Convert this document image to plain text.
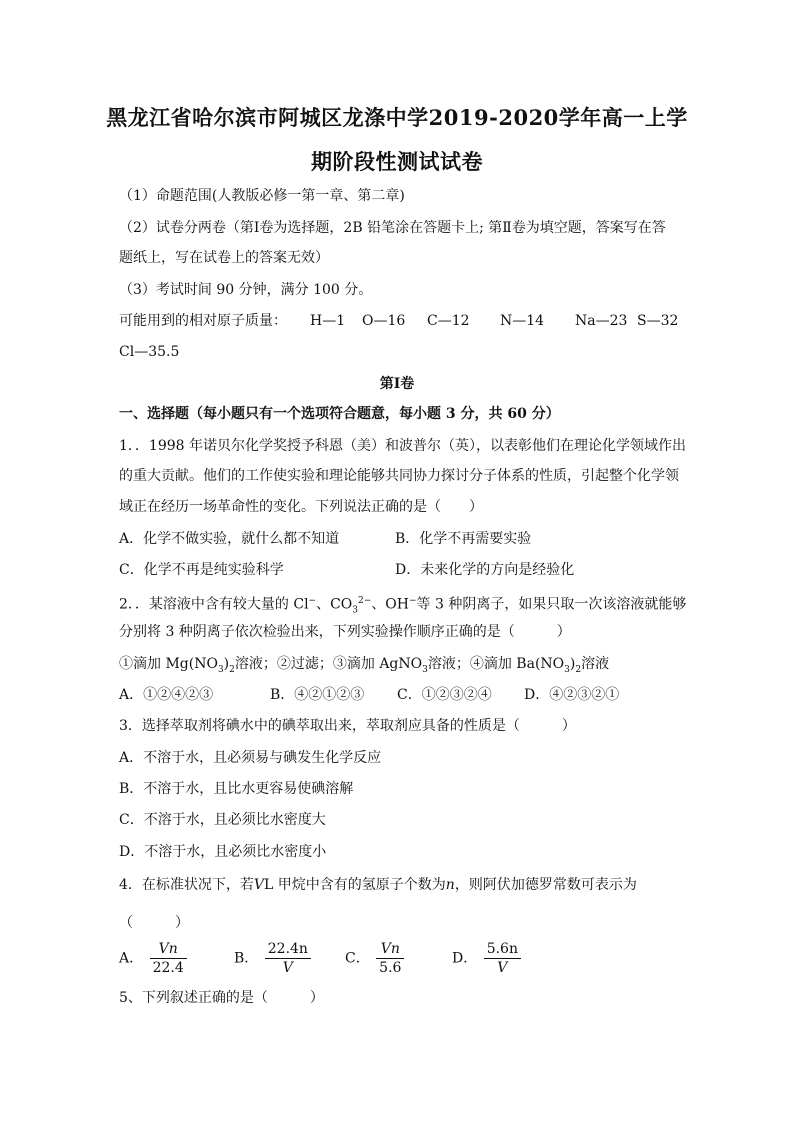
黑龙江省哈尔滨市阿城区龙涤中学2019-2020学年高一上学
期阶段性测试试卷
（1）命题范围(人教版必修一第一章、第二章)
（2）试卷分两卷（第Ⅰ卷为选择题，2B 铅笔涂在答题卡上; 第Ⅱ卷为填空题，答案写在答
题纸上，写在试卷上的答案无效）
（3）考试时间 90 分钟，满分 100 分。
可能用到的相对原子质量： H—1 O—16 C—12 N—14 Na—23 S—32
Cl—35.5
第Ⅰ卷
一、选择题（每小题只有一个选项符合题意，每小题 3 分，共 60 分）
1．．1998 年诺贝尔化学奖授予科恩（美）和波普尔（英），以表彰他们在理论化学领域作出
的重大贡献。他们的工作使实验和理论能够共同协力探讨分子体系的性质，引起整个化学领
域正在经历一场革命性的变化。下列说法正确的是（　　）
A．化学不做实验，就什么都不知道	B．化学不再需要实验
C．化学不再是纯实验科学	D．未来化学的方向是经验化
2．．某溶液中含有较大量的 Cl−、$CO_3^{2-}$、OH−等 3 种阴离子，如果只取一次该溶液就能够
分别将 3 种阴离子依次检验出来，下列实验操作顺序正确的是（　　　）
①滴加 $Mg(NO_3)_2$溶液；②过滤；③滴加 AgNO$_3$溶液；④滴加 $Ba(NO_3)_2$溶液
A．①②④②③	B．④②①②③ C．①②③②④ D．④②③②①
3．选择萃取剂将碘水中的碘萃取出来，萃取剂应具备的性质是（　　　）
A．不溶于水，且必须易与碘发生化学反应
B．不溶于水，且比水更容易使碘溶解
C．不溶于水，且必须比水密度大
D．不溶于水，且必须比水密度小
4．在标准状况下，若VL 甲烷中含有的氢原子个数为n，则阿伏加德罗常数可表示为
（　　　）
A． $\frac{Vn}{22.4}$	B． $\frac{22.4n}{V}$ C． $\frac{Vn}{5.6}$	D． $\frac{5.6n}{V}$
5、下列叙述正确的是（　　　）
